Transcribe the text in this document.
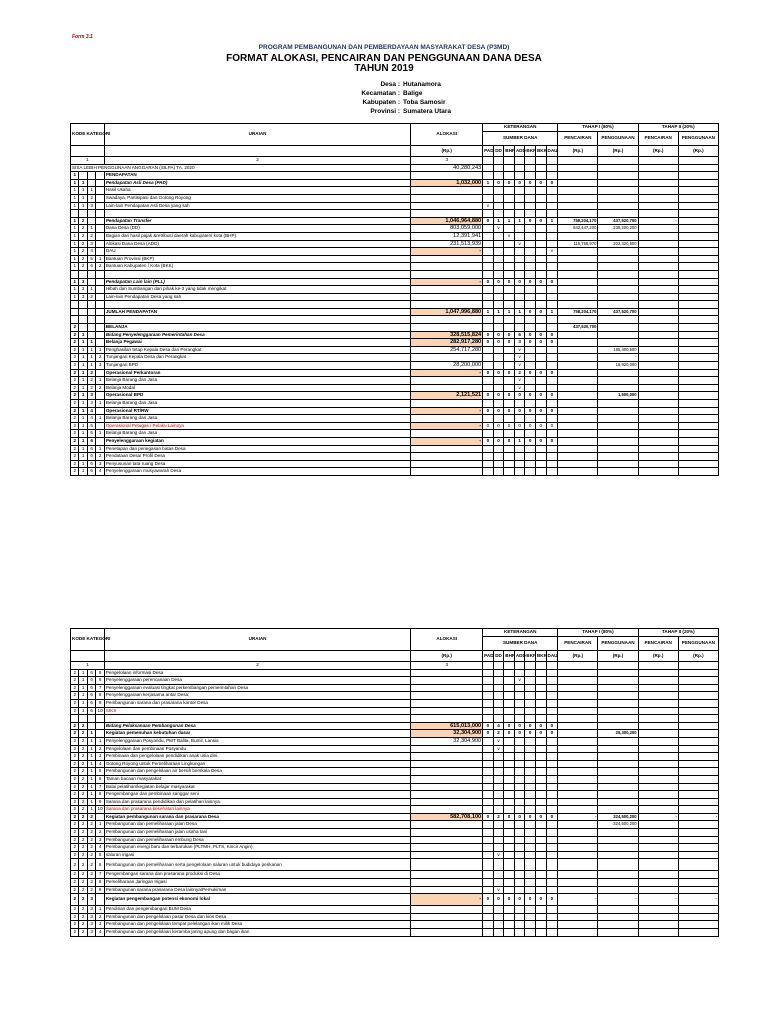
Form 3.1
PROGRAM PEMBANGUNAN DAN PEMBERDAYAAN MASYARAKAT DESA (P3MD)
FORMAT ALOKASI, PENCAIRAN DAN PENGGUNAAN DANA DESA
TAHUN 2019
Desa : Hutanamora
Kecamatan : Balige
Kabupaten : Toba Samosir
Provinsi : Sumatera Utara
KODE KATEGORI				URAIAN	ALOKASI	KETERANGAN							TAHAP I (80%)		TAHAP II (20%)	
						SUMBER DANA							PENCAIRAN	PENGGUNAAN	PENCAIRAN	PENGGUNAAN
					(Rp.)	PAD	DD	BHP	ADD	BKP	BKK	DAU	(Rp.)	(Rp.)	(Rp.)	(Rp.)
1				2	3											
SISA LEBIH PENGGUNAAN ANGGARAN (SILPA) TA. 2020					40,280,243											
1				PENDAPATAN												
1	1			Pendapatan Asli Desa (PAD)	1,032,000	1	0	0	0	0	0	0				
1	1	1		Hasil Usaha												
1	1	2		Swadaya, Partisipasi dan Gotong Royong												
1	1	3		Lain-lain Pendapatan Asli Desa yang sah		v										

1	2			Pendapatan Transfer	1,046,964,880	0	1	1	1	0	0	1	758,204,170	437,520,700	-	
1	2	1		Dana Desa (DD)	803,059,000		v						642,447,200	235,200,200	-	
1	2	2		Bagian dari hasil pajak &retribusi daerah kabupaten/ kota (BHP)	12,391,941			v								
1	2	3		Alokasi Dana Desa (ADD)	231,513,939				v				115,756,970	202,320,500		
1	2	4		DAU	-							v				
1	2	5	1	Bantuan Provinsi (BKP)												
1	2	6	2	Bantuan Kabupaten / Kota (BKK)												

1	3			Pendapatan Lain lain (PLL)	-	0	0	0	0	0	0	0				
1	3	1		Hibah dan Sumbangan dari pihak ke-3 yang tidak mengikat												
1	3	2		Lain-lain Pendapatan Desa yang sah												

				JUMLAH PENDAPATAN	1,047,996,880	1	1	1	1	0	0	1	758,204,170	437,520,700		

2				BELANJA									437,520,700			
2	1			Bidang Penyelenggaraan Pemerintahan Desa	328,515,824	0	0	0	6	0	0	0				
2	1	1		Belanja Pegawai	282,917,280	0	0	0	3	0	0	0				
2	1	1	1	Penghasilan tetap Kepala Desa dan Perangkat	254,717,280				v					185,400,500		
2	1	1	2	Tunjangan Kepala Desa dan Perangkat					v					-		
2	1	1	3	Tunjangan BPD	28,200,000				v					16,920,000		
2	1	2		Operasional Perkantoran	-	0	0	0	2	0	0	0				
2	1	2	1	Belanja Barang dan Jasa					v							
2	1	2	2	Belanja Modal					v							
2	1	3		Operasional BPD	2,121,521	0	0	0	0	0	0	0		1,500,000		
2	1	3	1	Belanja Barang dan Jasa												
2	1	4		Operasional RT/RW	-	0	0	0	0	0	0	0				
2	1	4	1	Belanja Barang dan Jasa												
2	1	5		Operasional Petugas / Pelaku Lainnya	-	0	0	0	0	0	0	0				
2	1	5	1	Belanja Barang dan Jasa												
2	1	6		Penyelenggaraan kegiatan	-	0	0	0	1	0	0	0				
2	1	6	1	Penetapan dan penegasan batas Desa												
2	1	6	2	Pendataan Desa/ Profil Desa												
2	1	6	3	Penyusunan tata ruang Desa												
2	1	6	4	Penyelenggaraan musyawarah Desa												
KODE KATEGORI				URAIAN	ALOKASI	KETERANGAN							TAHAP I (80%)		TAHAP II (20%)	
						SUMBER DANA							PENCAIRAN	PENGGUNAAN	PENCAIRAN	PENGGUNAAN
					(Rp.)	PAD	DD	BHP	ADD	BKP	BKK	DAU	(Rp.)	(Rp.)	(Rp.)	(Rp.)
1				2	3											
2	1	6	5	Pengelolaan informasi Desa												
2	1	6	6	Penyelenggaraan perencanaan Desa					v							
2	1	6	7	Penyelenggaraan evaluasi tingkat perkembangan pemerintahan Desa										-		
2	1	6	8	Penyelenggaraan kerjasama antar Desa;												
2	1	6	9	Pembangunan sarana dan prasarana kantor Desa												
2	1	6	10	SIKS												

2	2			Bidang Pelaksanaan Pembangunan Desa	615,013,000	0	4	0	0	0	0	0				
2	2	1		Kegiatan pemenuhan kebutuhan dasar	32,304,900	0	2	0	0	0	0	0		25,300,200		
2	2	1	1	Penyelenggaraan Posyandu, PMT Balita, Bumil, Lansia	32,304,900		v									
2	2	1	2	Pengelolaan dan pembinaan Posyandu			v									
2	2	1	3	Pembinaan dan pengelolaan pendidikan anak usia dini.												
2	2	1	4	Gotong Royong untuk Pemeliharaan Lingkungan												
2	2	1	5	Pembangunan dan pengelolaan air bersih berskala Desa												
2	2	1	6	Taman bacaan masyarakat												
2	2	1	7	Balai pelatihan/kegiatan belajar masyarakat												
2	2	1	8	Pengembangan dan pembinaan sanggar seni												
2	2	1	9	Sarana dan prasarana pendidikan dan pelatihan lainnya.												
2	2	1	10	Sarana dan prasarana kesehatan lainnya												
2	2	2		Kegiatan pembangunan sarana dan prasarana Desa	582,708,100	0	2	0	0	0	0	0	-	324,500,200	-	-
2	2	2	1	Pembangunan dan pemeliharaan jalan Desa										324,500,200		
2	2	2	2	Pembangunan dan pemeliharaan jalan usaha tani												
2	2	2	3	Pembangunan dan pemeliharaan embung Desa												
2	2	2	4	Pembangunan energi baru dan terbarukan (PLTMH, PLTS, Kincir Angin)												
2	2	2	5	saluran irigasi			v									
2	2	2	6	Pembangunan dan pemeliharaan serta pengelolaan saluran untuk budidaya perikanan												
2	2	2	7	Pengembangan sarana dan prasarana produksi di Desa												
2	2	2	8	Pemeliharaan Jaringan Irigasi												
2	2	2	9	Pembangunan sarana prasarana Desa lainnya/Pemukiman			v									
2	2	3		Kegiatan pengembangan potensi ekonomi lokal	-	0	0	0	0	0	0	0	-	-	-	-
2	2	3	1	Pendirian dan pengembangan BUM Desa												
2	2	3	2	Pembangunan dan pengelolaan pasar Desa dan kios Desa												
2	2	3	3	Pembangunan dan pengelolaan tempat pelelangan ikan milik Desa												
2	2	3	4	Pembangunan dan pengelolaan keramba jaring apung dan bagan ikan												
